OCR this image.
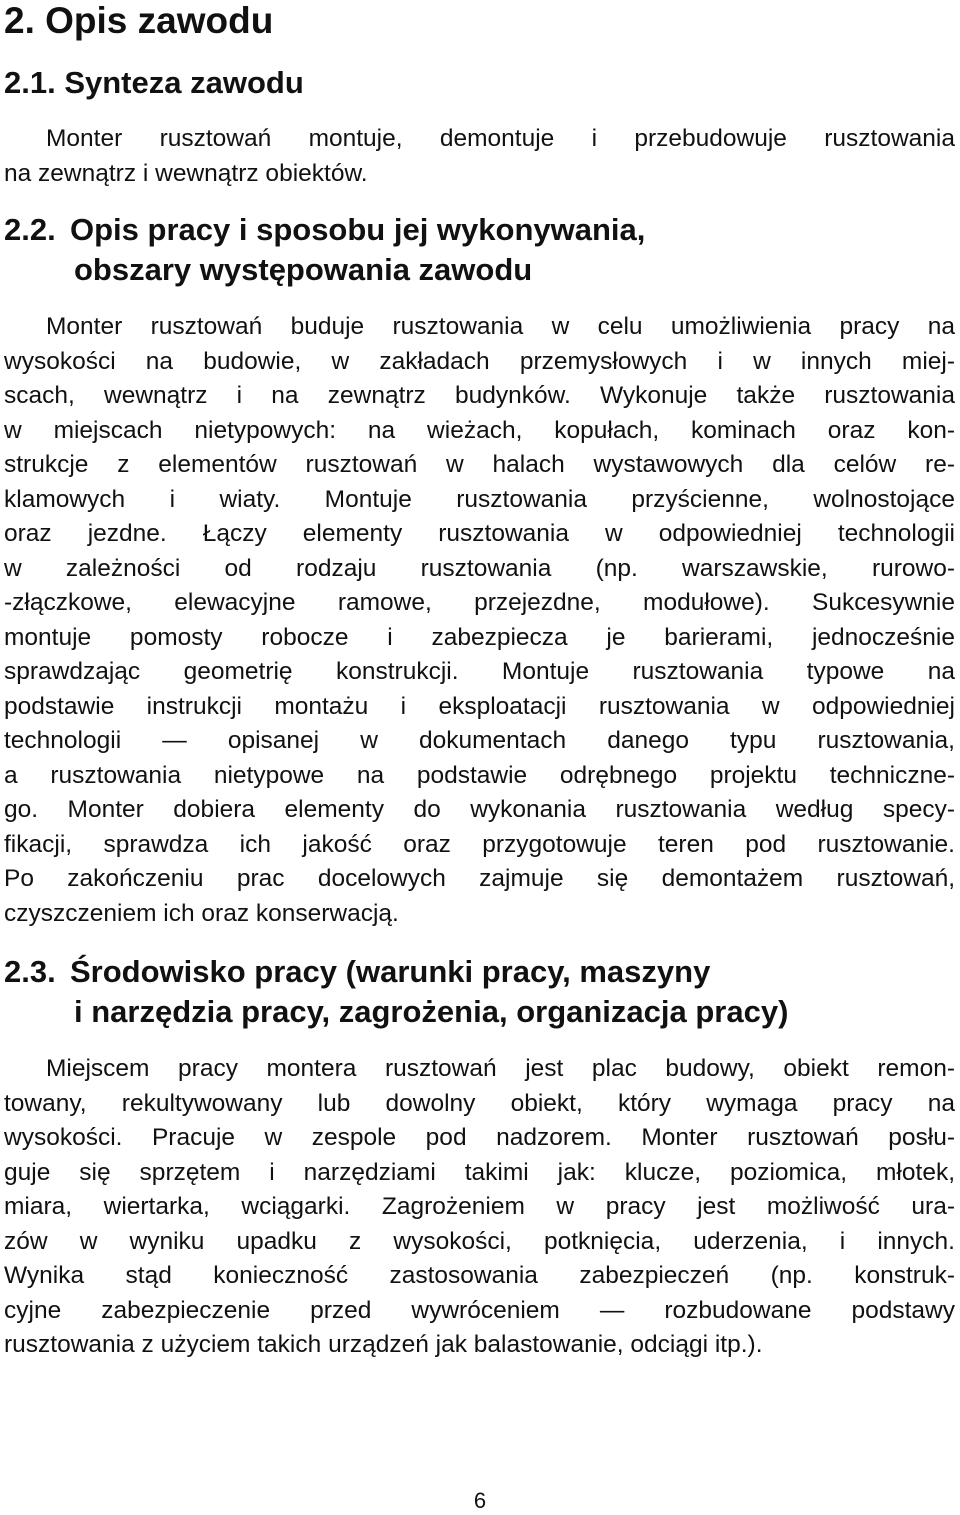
2. Opis zawodu
2.1. Synteza zawodu
Monter rusztowań montuje, demontuje i przebudowuje rusztowania
na zewnątrz i wewnątrz obiektów.
2.2. Opis pracy i sposobu jej wykonywania,
obszary występowania zawodu
Monter rusztowań buduje rusztowania w celu umożliwienia pracy na
wysokości na budowie, w zakładach przemysłowych i w innych miej-
scach, wewnątrz i na zewnątrz budynków. Wykonuje także rusztowania
w miejscach nietypowych: na wieżach, kopułach, kominach oraz kon-
strukcje z elementów rusztowań w halach wystawowych dla celów re-
klamowych i wiaty. Montuje rusztowania przyścienne, wolnostojące
oraz jezdne. Łączy elementy rusztowania w odpowiedniej technologii
w zależności od rodzaju rusztowania (np. warszawskie, rurowo-
-złączkowe, elewacyjne ramowe, przejezdne, modułowe). Sukcesywnie
montuje pomosty robocze i zabezpiecza je barierami, jednocześnie
sprawdzając geometrię konstrukcji. Montuje rusztowania typowe na
podstawie instrukcji montażu i eksploatacji rusztowania w odpowiedniej
technologii — opisanej w dokumentach danego typu rusztowania,
a rusztowania nietypowe na podstawie odrębnego projektu techniczne-
go. Monter dobiera elementy do wykonania rusztowania według specy-
fikacji, sprawdza ich jakość oraz przygotowuje teren pod rusztowanie.
Po zakończeniu prac docelowych zajmuje się demontażem rusztowań,
czyszczeniem ich oraz konserwacją.
2.3. Środowisko pracy (warunki pracy, maszyny
i narzędzia pracy, zagrożenia, organizacja pracy)
Miejscem pracy montera rusztowań jest plac budowy, obiekt remon-
towany, rekultywowany lub dowolny obiekt, który wymaga pracy na
wysokości. Pracuje w zespole pod nadzorem. Monter rusztowań posłu-
guje się sprzętem i narzędziami takimi jak: klucze, poziomica, młotek,
miara, wiertarka, wciągarki. Zagrożeniem w pracy jest możliwość ura-
zów w wyniku upadku z wysokości, potknięcia, uderzenia, i innych.
Wynika stąd konieczność zastosowania zabezpieczeń (np. konstruk-
cyjne zabezpieczenie przed wywróceniem — rozbudowane podstawy
rusztowania z użyciem takich urządzeń jak balastowanie, odciągi itp.).
6
